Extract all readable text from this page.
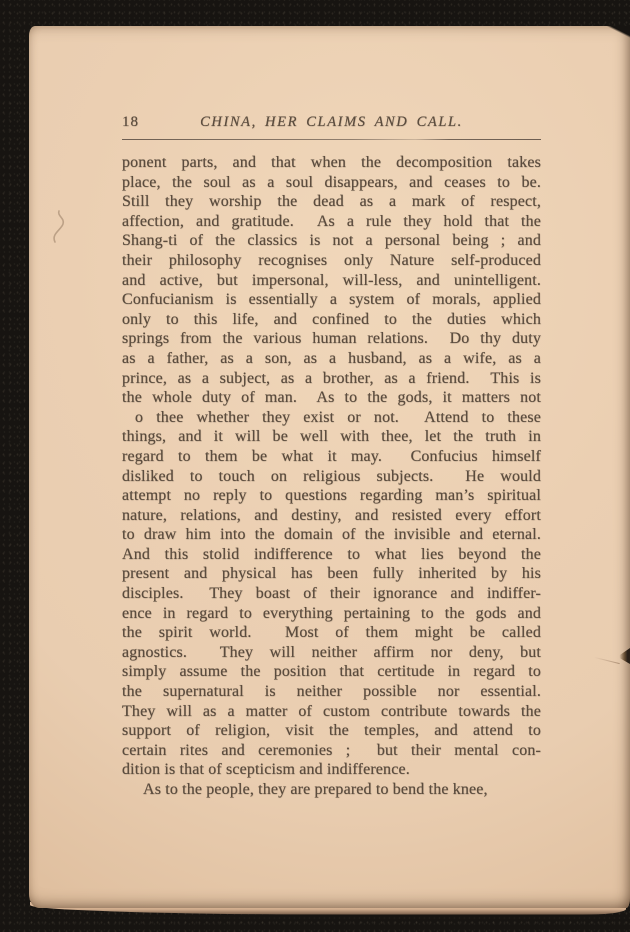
18	CHINA, HER CLAIMS AND CALL.
ponent parts, and that when the decomposition takes
place, the soul as a soul disappears, and ceases to be.
Still they worship the dead as a mark of respect,
affection, and gratitude.  As a rule they hold that the
Shang-ti of the classics is not a personal being ; and
their philosophy recognises only Nature self-produced
and active, but impersonal, will-less, and unintelligent.
Confucianism is essentially a system of morals, applied
only to this life, and confined to the duties which
springs from the various human relations.  Do thy duty
as a father, as a son, as a husband, as a wife, as a
prince, as a subject, as a brother, as a friend.  This is
the whole duty of man.  As to the gods, it matters not
o thee whether they exist or not.  Attend to these
things, and it will be well with thee, let the truth in
regard to them be what it may.  Confucius himself
disliked to touch on religious subjects.  He would
attempt no reply to questions regarding man’s spiritual
nature, relations, and destiny, and resisted every effort
to draw him into the domain of the invisible and eternal.
And this stolid indifference to what lies beyond the
present and physical has been fully inherited by his
disciples.  They boast of their ignorance and indiffer-
ence in regard to everything pertaining to the gods and
the spirit world.  Most of them might be called
agnostics.  They will neither affirm nor deny, but
simply assume the position that certitude in regard to
the supernatural is neither possible nor essential.
They will as a matter of custom contribute towards the
support of religion, visit the temples, and attend to
certain rites and ceremonies ;  but their mental con-
dition is that of scepticism and indifference.
As to the people, they are prepared to bend the knee,
